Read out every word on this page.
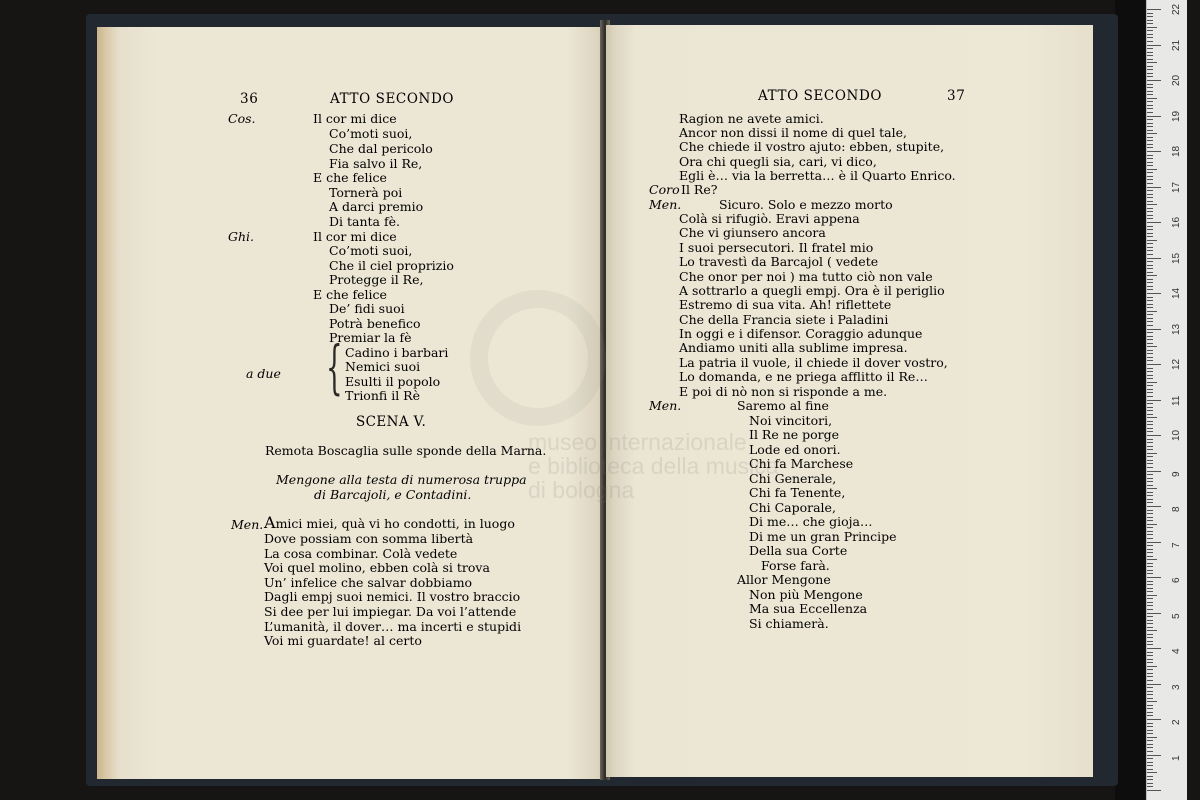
museo internazionale
e biblioteca della musica
di bologna
36	ATTO SECONDO
Cos.
Ghi.
a due {
Il cor mi dice
Co’moti suoi,
Che dal pericolo
Fia salvo il Re,
E che felice
Tornerà poi
A darci premio
Di tanta fè.
Il cor mi dice
Co’moti suoi,
Che il ciel proprizio
Protegge il Re,
E che felice
De’ fidi suoi
Potrà benefico
Premiar la fè
Cadino i barbari
Nemici suoi
Esulti il popolo
Trionfi il Rè
SCENA V.
Remota Boscaglia sulle sponde della Marna.
Mengone alla testa di numerosa truppa
di Barcajoli, e Contadini.
Men. Amici miei, quà vi ho condotti, in luogo
Dove possiam con somma libertà
La cosa combinar. Colà vedete
Voi quel molino, ebben colà si trova
Un’ infelice che salvar dobbiamo
Dagli empj suoi nemici. Il vostro braccio
Si dee per lui impiegar. Da voi l’attende
L’umanità, il dover… ma incerti e stupidi
Voi mi guardate! al certo
ATTO SECONDO	37
Coro
Men.
Men.
Ragion ne avete amici.
Ancor non dissi il nome di quel tale,
Che chiede il vostro ajuto: ebben, stupite,
Ora chi quegli sia, cari, vi dico,
Egli è… via la berretta… è il Quarto Enrico.
Il Re?
Sicuro. Solo e mezzo morto
Colà si rifugiò. Eravi appena
Che vi giunsero ancora
I suoi persecutori. Il fratel mio
Lo travestì da Barcajol ( vedete
Che onor per noi ) ma tutto ciò non vale
A sottrarlo a quegli empj. Ora è il periglio
Estremo di sua vita. Ah! riflettete
Che della Francia siete i Paladini
In oggi e i difensor. Coraggio adunque
Andiamo uniti alla sublime impresa.
La patria il vuole, il chiede il dover vostro,
Lo domanda, e ne priega afflitto il Re…
E poi di nò non si risponde a me.
Saremo al fine
Noi vincitori,
Il Re ne porge
Lode ed onori.
Chi fa Marchese
Chi Generale,
Chi fa Tenente,
Chi Caporale,
Di me… che gioja…
Di me un gran Principe
Della sua Corte
Forse farà.
Allor Mengone
Non più Mengone
Ma sua Eccellenza
Si chiamerà.
1
2
3
4
5
6
7
8
9
10
11
12
13
14
15
16
17
18
19
20
21
22
